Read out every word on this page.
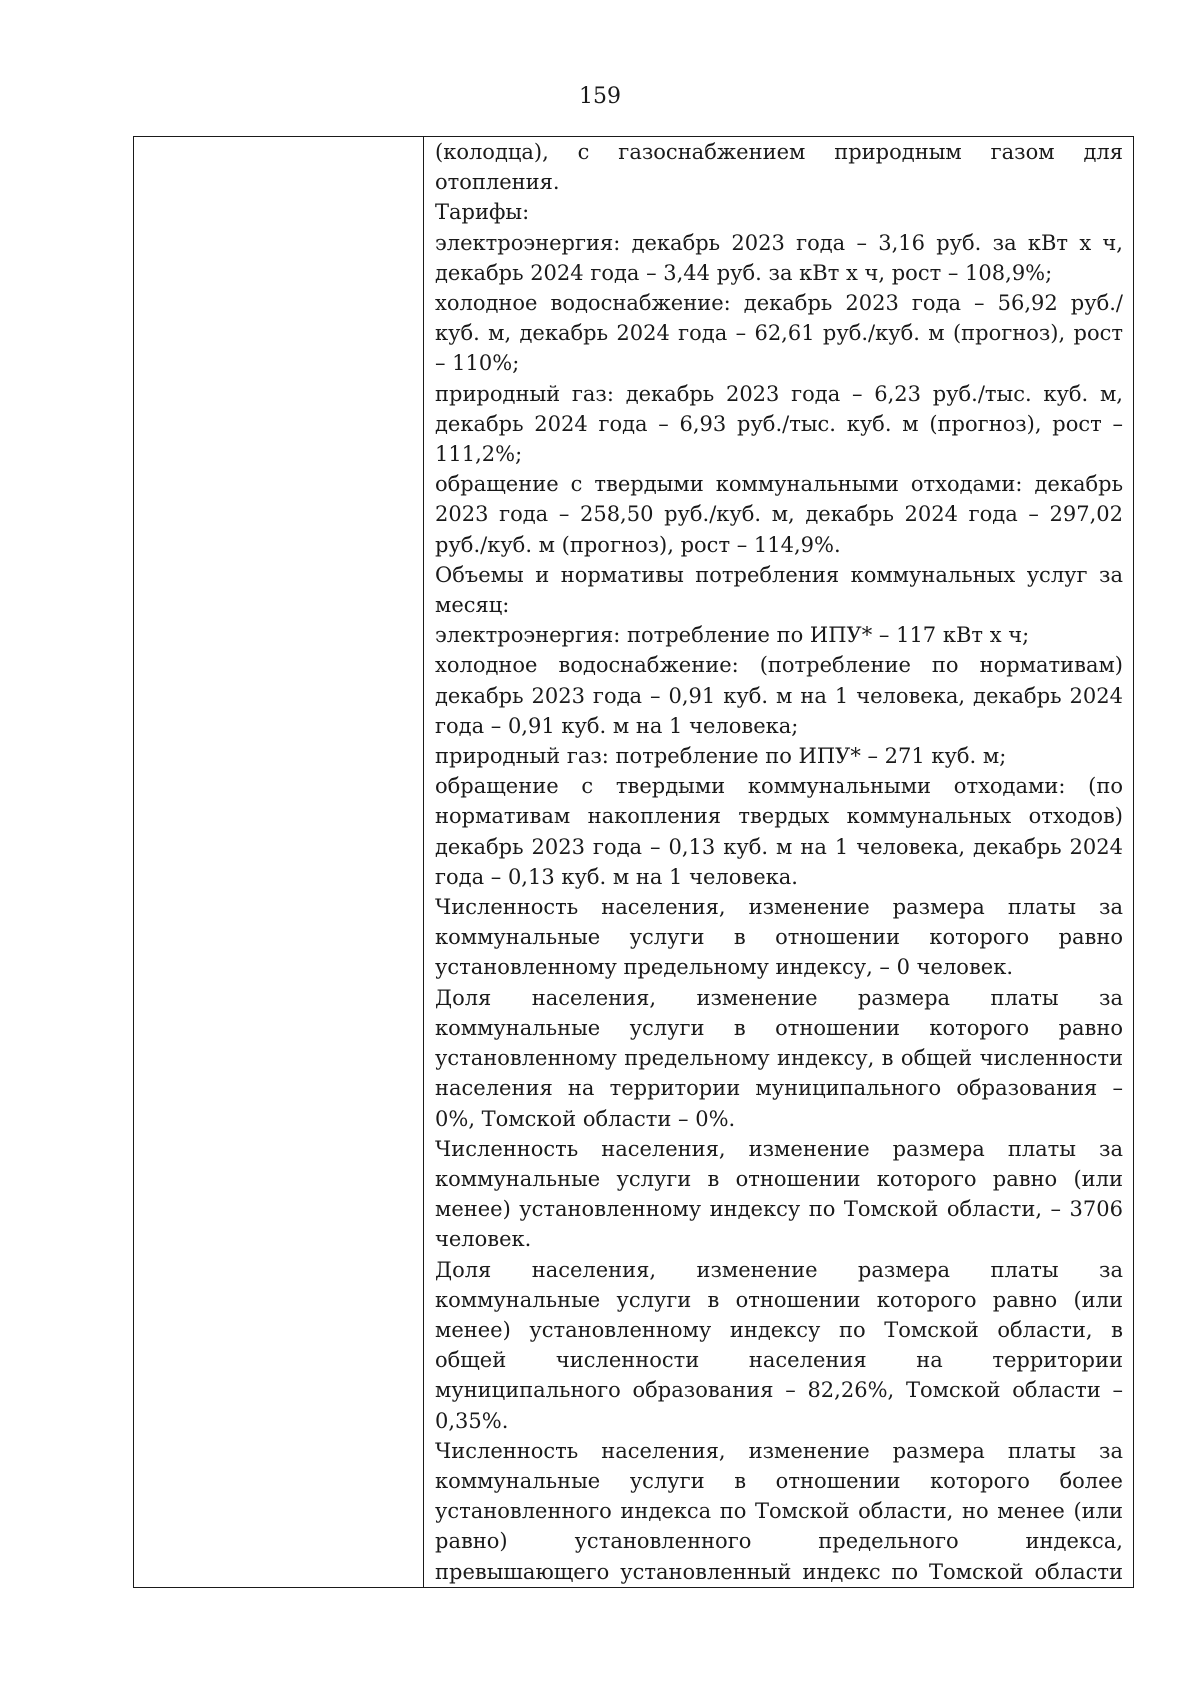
159

(колодца), с газоснабжением природным газом для отопления.

Тарифы:

электроэнергия: декабрь 2023 года – 3,16 руб. за кВт х ч, декабрь 2024 года – 3,44 руб. за кВт х ч, рост – 108,9%;

холодное водоснабжение: декабрь 2023 года – 56,92 руб./куб. м, декабрь 2024 года – 62,61 руб./куб. м (прогноз), рост – 110%;

природный газ: декабрь 2023 года – 6,23 руб./тыс. куб. м, декабрь 2024 года – 6,93 руб./тыс. куб. м (прогноз), рост – 111,2%;

обращение с твердыми коммунальными отходами: декабрь 2023 года – 258,50 руб./куб. м, декабрь 2024 года – 297,02 руб./куб. м (прогноз), рост – 114,9%.

Объемы и нормативы потребления коммунальных услуг за месяц:

электроэнергия: потребление по ИПУ* – 117 кВт х ч;

холодное водоснабжение: (потребление по нормативам) декабрь 2023 года – 0,91 куб. м на 1 человека, декабрь 2024 года – 0,91 куб. м на 1 человека;

природный газ: потребление по ИПУ* – 271 куб. м;

обращение с твердыми коммунальными отходами: (по нормативам накопления твердых коммунальных отходов) декабрь 2023 года – 0,13 куб. м на 1 человека, декабрь 2024 года – 0,13 куб. м на 1 человека.

Численность населения, изменение размера платы за коммунальные услуги в отношении которого равно установленному предельному индексу, – 0 человек.

Доля населения, изменение размера платы за коммунальные услуги в отношении которого равно установленному предельному индексу, в общей численности населения на территории муниципального образования – 0%, Томской области – 0%.

Численность населения, изменение размера платы за коммунальные услуги в отношении которого равно (или менее) установленному индексу по Томской области, – 3706 человек.

Доля населения, изменение размера платы за коммунальные услуги в отношении которого равно (или менее) установленному индексу по Томской области, в общей численности населения на территории муниципального образования – 82,26%, Томской области – 0,35%.

Численность населения, изменение размера платы за коммунальные услуги в отношении которого более установленного индекса по Томской области, но менее (или равно) установленного предельного индекса, превышающего установленный индекс по Томской области
